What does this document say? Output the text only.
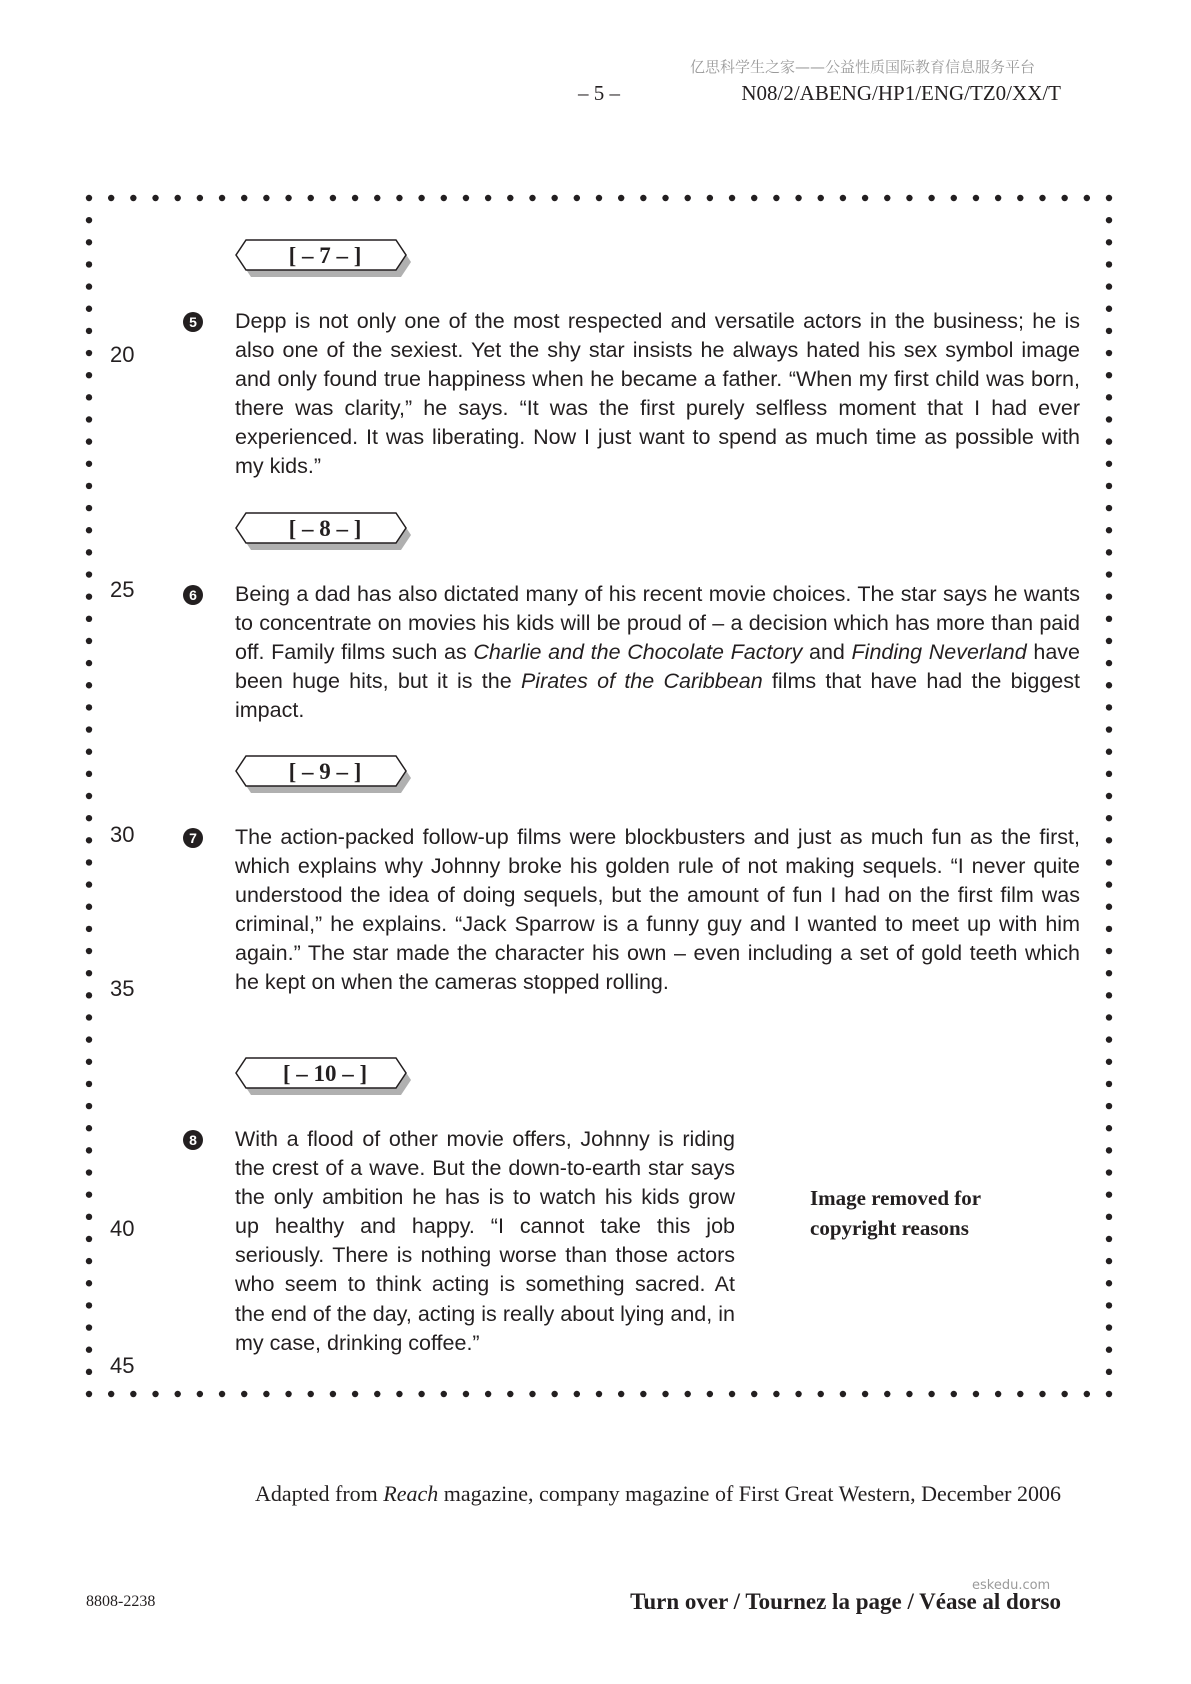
亿思科学生之家——公益性质国际教育信息服务平台
– 5 –	N08/2/ABENG/HP1/ENG/TZ0/XX/T
[ – 7 – ]
[ – 8 – ]
[ – 9 – ]
[ – 10 – ]
20
25
30
35
40
45
5 Depp is not only one of the most respected and versatile actors in the business; he is also one of the sexiest. Yet the shy star insists he always hated his sex symbol image and only found true happiness when he became a father. “When my first child was born, there was clarity,” he says. “It was the first purely selfless moment that I had ever experienced. It was liberating. Now I just want to spend as much time as possible with my kids.”

6 Being a dad has also dictated many of his recent movie choices. The star says he wants to concentrate on movies his kids will be proud of – a decision which has more than paid off. Family films such as Charlie and the Chocolate Factory and Finding Neverland have been huge hits, but it is the Pirates of the Caribbean films that have had the biggest impact.

7 The action-packed follow-up films were blockbusters and just as much fun as the first, which explains why Johnny broke his golden rule of not making sequels. “I never quite understood the idea of doing sequels, but the amount of fun I had on the first film was criminal,” he explains. “Jack Sparrow is a funny guy and I wanted to meet up with him again.” The star made the character his own – even including a set of gold teeth which he kept on when the cameras stopped rolling.

8 With a flood of other movie offers, Johnny is riding the crest of a wave. But the down-to-earth star says the only ambition he has is to watch his kids grow up healthy and happy. “I cannot take this job seriously. There is nothing worse than those actors who seem to think acting is something sacred. At the end of the day, acting is really about lying and, in my case, drinking coffee.”

Image removed for copyright reasons
Adapted from Reach magazine, company magazine of First Great Western, December 2006
8808-2238
eskedu.com
Turn over / Tournez la page / Véase al dorso
